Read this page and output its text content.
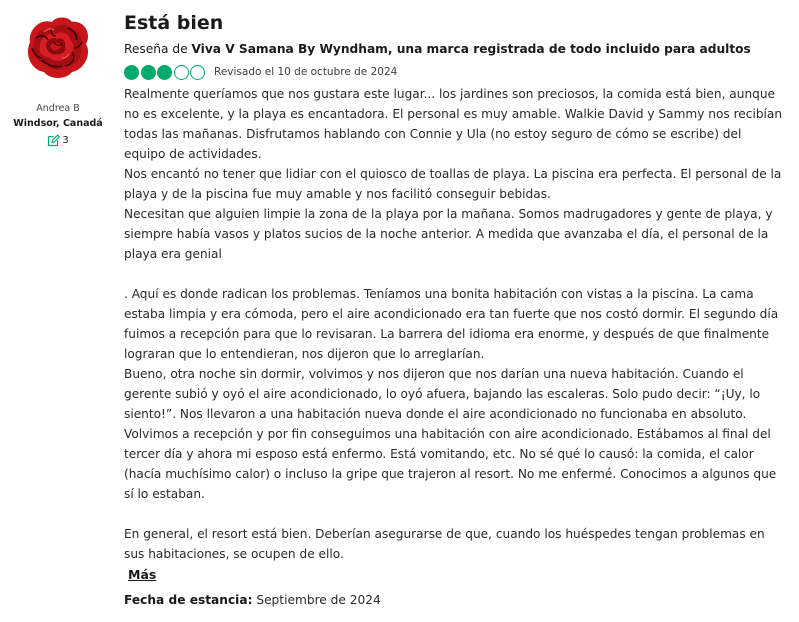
Andrea B
Windsor, Canadá
3
Está bien
Reseña de Viva V Samana By Wyndham, una marca registrada de todo incluido para adultos
Revisado el 10 de octubre de 2024

Realmente queríamos que nos gustara este lugar... los jardines son preciosos, la comida está bien, aunque no es excelente, y la playa es encantadora. El personal es muy amable. Walkie David y Sammy nos recibían todas las mañanas. Disfrutamos hablando con Connie y Ula (no estoy seguro de cómo se escribe) del equipo de actividades.
Nos encantó no tener que lidiar con el quiosco de toallas de playa. La piscina era perfecta. El personal de la playa y de la piscina fue muy amable y nos facilitó conseguir bebidas.
Necesitan que alguien limpie la zona de la playa por la mañana. Somos madrugadores y gente de playa, y siempre había vasos y platos sucios de la noche anterior. A medida que avanzaba el día, el personal de la playa era genial

. Aquí es donde radican los problemas. Teníamos una bonita habitación con vistas a la piscina. La cama estaba limpia y era cómoda, pero el aire acondicionado era tan fuerte que nos costó dormir. El segundo día fuimos a recepción para que lo revisaran. La barrera del idioma era enorme, y después de que finalmente lograran que lo entendieran, nos dijeron que lo arreglarían.
Bueno, otra noche sin dormir, volvimos y nos dijeron que nos darían una nueva habitación. Cuando el gerente subió y oyó el aire acondicionado, lo oyó afuera, bajando las escaleras. Solo pudo decir: “¡Uy, lo siento!”. Nos llevaron a una habitación nueva donde el aire acondicionado no funcionaba en absoluto. Volvimos a recepción y por fin conseguimos una habitación con aire acondicionado. Estábamos al final del tercer día y ahora mi esposo está enfermo. Está vomitando, etc. No sé qué lo causó: la comida, el calor (hacía muchísimo calor) o incluso la gripe que trajeron al resort. No me enfermé. Conocimos a algunos que sí lo estaban.

En general, el resort está bien. Deberían asegurarse de que, cuando los huéspedes tengan problemas en sus habitaciones, se ocupen de ello.

Más
Fecha de estancia: Septiembre de 2024
